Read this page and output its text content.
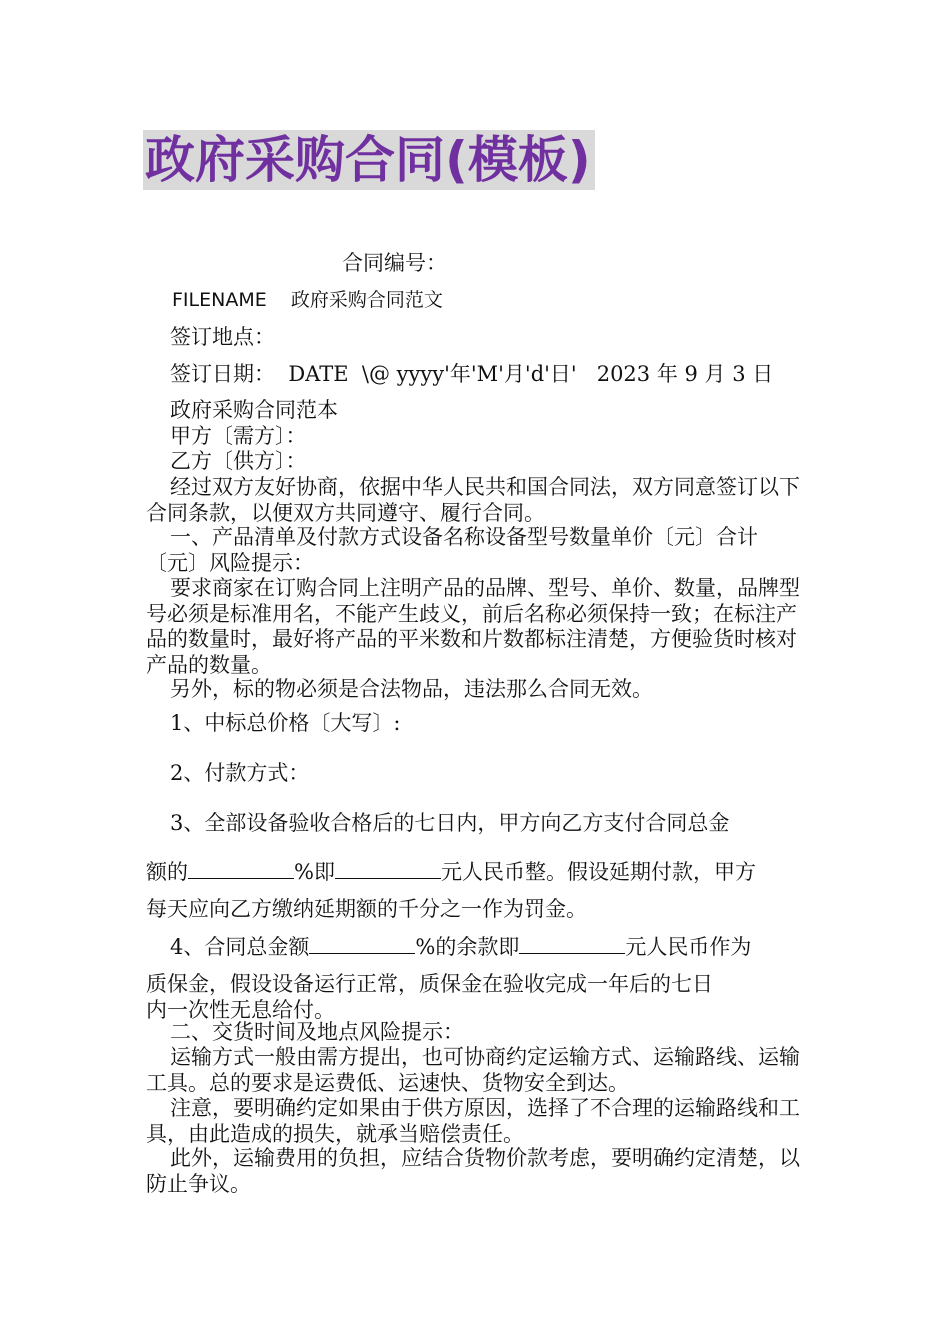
政府采购合同(模板)
合同编号：
FILENAME    政府采购合同范文
签订地点：
签订日期：  DATE  \@ yyyy'年'M'月'd'日'   2023 年 9 月 3 日
政府采购合同范本
甲方〔需方〕：
乙方〔供方〕：
经过双方友好协商，依据中华人民共和国合同法，双方同意签订以下合同条款，以便双方共同遵守、履行合同。
一、产品清单及付款方式设备名称设备型号数量单价〔元〕合计〔元〕风险提示：
要求商家在订购合同上注明产品的品牌、型号、单价、数量，品牌型号必须是标准用名，不能产生歧义，前后名称必须保持一致；在标注产品的数量时，最好将产品的平米数和片数都标注清楚，方便验货时核对产品的数量。
另外，标的物必须是合法物品，违法那么合同无效。
1、中标总价格〔大写〕:
2、付款方式：
3、全部设备验收合格后的七日内，甲方向乙方支付合同总金
额的	%即	元人民币整。假设延期付款，甲方
每天应向乙方缴纳延期额的千分之一作为罚金。
4、合同总金额	%的余款即	元人民币作为
质保金，假设设备运行正常，质保金在验收完成一年后的七日
内一次性无息给付。
二、交货时间及地点风险提示：
运输方式一般由需方提出，也可协商约定运输方式、运输路线、运输工具。总的要求是运费低、运速快、货物安全到达。
注意，要明确约定如果由于供方原因，选择了不合理的运输路线和工具，由此造成的损失，就承当赔偿责任。
此外，运输费用的负担，应结合货物价款考虑，要明确约定清楚，以防止争议。
